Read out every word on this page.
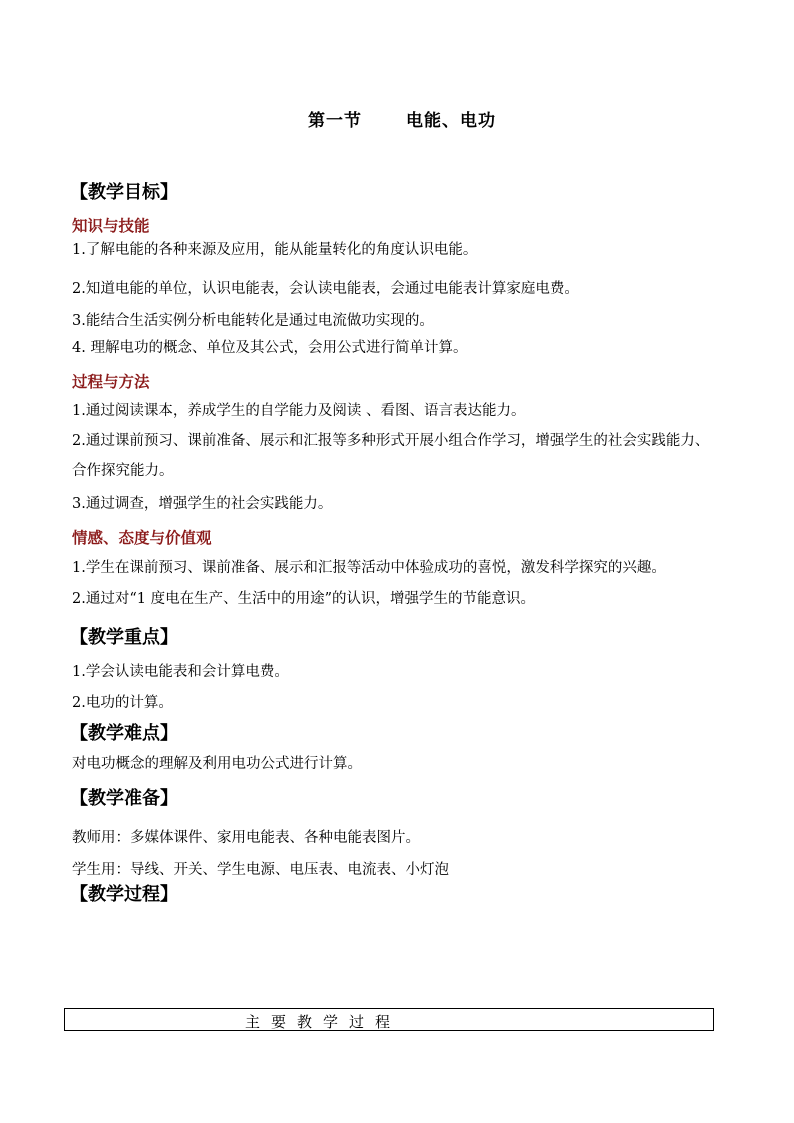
第一节	电能、电功
【教学目标】
知识与技能
1.了解电能的各种来源及应用，能从能量转化的角度认识电能。
2.知道电能的单位，认识电能表，会认读电能表，会通过电能表计算家庭电费。
3.能结合生活实例分析电能转化是通过电流做功实现的。
4. 理解电功的概念、单位及其公式，会用公式进行简单计算。
过程与方法
1.通过阅读课本，养成学生的自学能力及阅读 、看图、语言表达能力。
2.通过课前预习、课前准备、展示和汇报等多种形式开展小组合作学习，增强学生的社会实践能力、合作探究能力。
3.通过调查，增强学生的社会实践能力。
情感、态度与价值观
1.学生在课前预习、课前准备、展示和汇报等活动中体验成功的喜悦，激发科学探究的兴趣。
2.通过对“1 度电在生产、生活中的用途”的认识，增强学生的节能意识。
【教学重点】
1.学会认读电能表和会计算电费。
2.电功的计算。
【教学难点】
对电功概念的理解及利用电功公式进行计算。
【教学准备】
教师用：多媒体课件、家用电能表、各种电能表图片。
学生用：导线、开关、学生电源、电压表、电流表、小灯泡
【教学过程】
主要教学过程
